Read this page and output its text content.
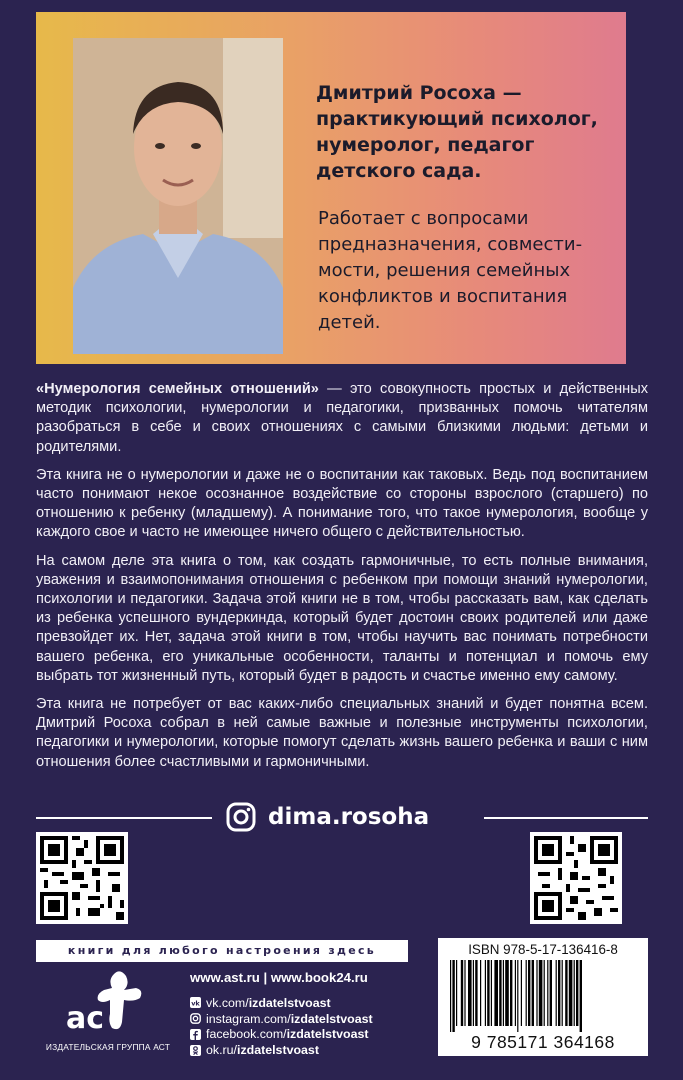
Дмитрий Росоха —
практикующий психолог,
нумеролог, педагог
детского сада.
Работает с вопросами
предназначения, совмести-
мости, решения семейных
конфликтов и воспитания
детей.

«Нумерология семейных отношений» — это совокупность простых и действенных методик психологии, нумерологии и педагогики, призванных помочь читателям разобраться в себе и своих отношениях с самыми близкими людьми: детьми и родителями.

Эта книга не о нумерологии и даже не о воспитании как таковых. Ведь под воспитанием часто понимают некое осознанное воздействие со стороны взрослого (старшего) по отношению к ребенку (младшему). А понимание того, что такое нумерология, вообще у каждого свое и часто не имеющее ничего общего с действительностью.

На самом деле эта книга о том, как создать гармоничные, то есть полные внимания, уважения и взаимопонимания отношения с ребенком при помощи знаний нумерологии, психологии и педагогики. Задача этой книги не в том, чтобы рассказать вам, как сделать из ребенка успешного вундеркинда, который будет достоин своих родителей или даже превзойдет их. Нет, задача этой книги в том, чтобы научить вас понимать потребности вашего ребенка, его уникальные особенности, таланты и потенциал и помочь ему выбрать тот жизненный путь, который будет в радость и счастье именно ему самому.

Эта книга не потребует от вас каких-либо специальных знаний и будет понятна всем. Дмитрий Росоха собрал в ней самые важные и полезные инструменты психологии, педагогики и нумерологии, которые помогут сделать жизнь вашего ребенка и ваши с ним отношения более счастливыми и гармоничными.

dima.rosoha
книги для любого настроения здесь
ac
ИЗДАТЕЛЬСКАЯ ГРУППА АСТ
www.ast.ru | www.book24.ru
vk vk.com/ izdatelstvoast
instagram.com/ izdatelstvoast
facebook.com/ izdatelstvoast
ok.ru/ izdatelstvoast
ISBN 978-5-17-136416-8
9 785171 364168
